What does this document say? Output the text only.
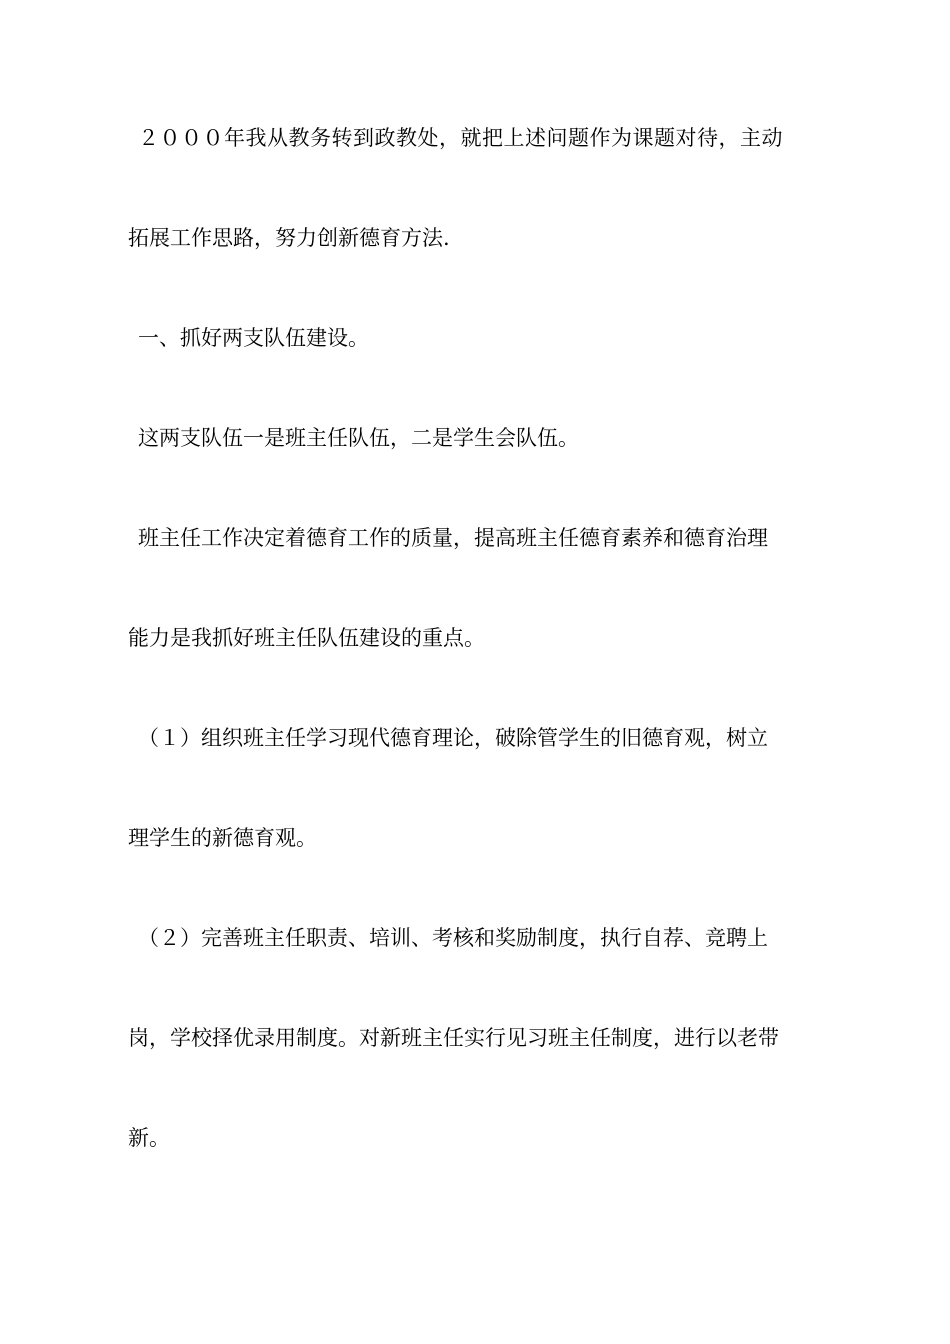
２０００年我从教务转到政教处，就把上述问题作为课题对待，主动
拓展工作思路，努力创新德育方法.
一、抓好两支队伍建设。
这两支队伍一是班主任队伍，二是学生会队伍。
班主任工作决定着德育工作的质量，提高班主任德育素养和德育治理
能力是我抓好班主任队伍建设的重点。
（１）组织班主任学习现代德育理论，破除管学生的旧德育观，树立
理学生的新德育观。
（２）完善班主任职责、培训、考核和奖励制度，执行自荐、竞聘上
岗，学校择优录用制度。对新班主任实行见习班主任制度，进行以老带
新。
